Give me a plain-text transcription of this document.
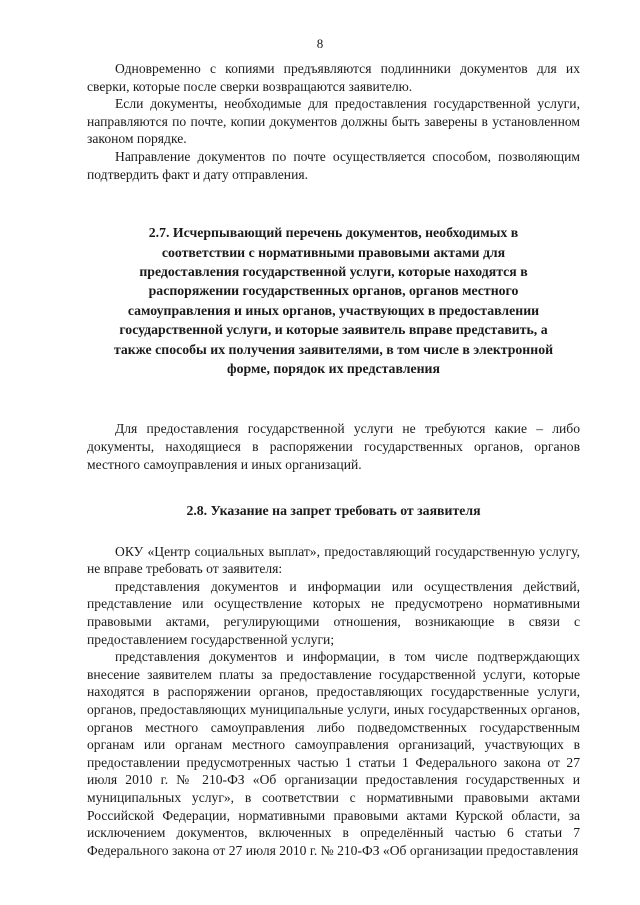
8

Одновременно с копиями предъявляются подлинники документов для их сверки, которые после сверки возвращаются заявителю.

Если документы, необходимые для предоставления государственной услуги, направляются по почте, копии документов должны быть заверены в установленном законом порядке.

Направление документов по почте осуществляется способом, позволяющим подтвердить факт и дату отправления.

2.7. Исчерпывающий перечень документов, необходимых в
соответствии с нормативными правовыми актами для
предоставления государственной услуги, которые находятся в
распоряжении государственных органов, органов местного
самоуправления и иных органов, участвующих в предоставлении
государственной услуги, и которые заявитель вправе представить, а
также способы их получения заявителями, в том числе в электронной
форме, порядок их представления

Для предоставления государственной услуги не требуются какие – либо документы, находящиеся в распоряжении государственных органов, органов местного самоуправления и иных организаций.

2.8. Указание на запрет требовать от заявителя

ОКУ «Центр социальных выплат», предоставляющий государственную услугу, не вправе требовать от заявителя:

представления документов и информации или осуществления действий, представление или осуществление которых не предусмотрено нормативными правовыми актами, регулирующими отношения, возникающие в связи с предоставлением государственной услуги;

представления документов и информации, в том числе подтверждающих внесение заявителем платы за предоставление государственной услуги, которые находятся в распоряжении органов, предоставляющих государственные услуги, органов, предоставляющих муниципальные услуги, иных государственных органов, органов местного самоуправления либо подведомственных государственным органам или органам местного самоуправления организаций, участвующих в предоставлении предусмотренных частью 1 статьи 1 Федерального закона от 27 июля 2010 г. № 210-ФЗ «Об организации предоставления государственных и муниципальных услуг», в соответствии с нормативными правовыми актами Российской Федерации, нормативными правовыми актами Курской области, за исключением документов, включенных в определённый частью 6 статьи 7 Федерального закона от 27 июля 2010 г. № 210-ФЗ «Об организации предоставления
